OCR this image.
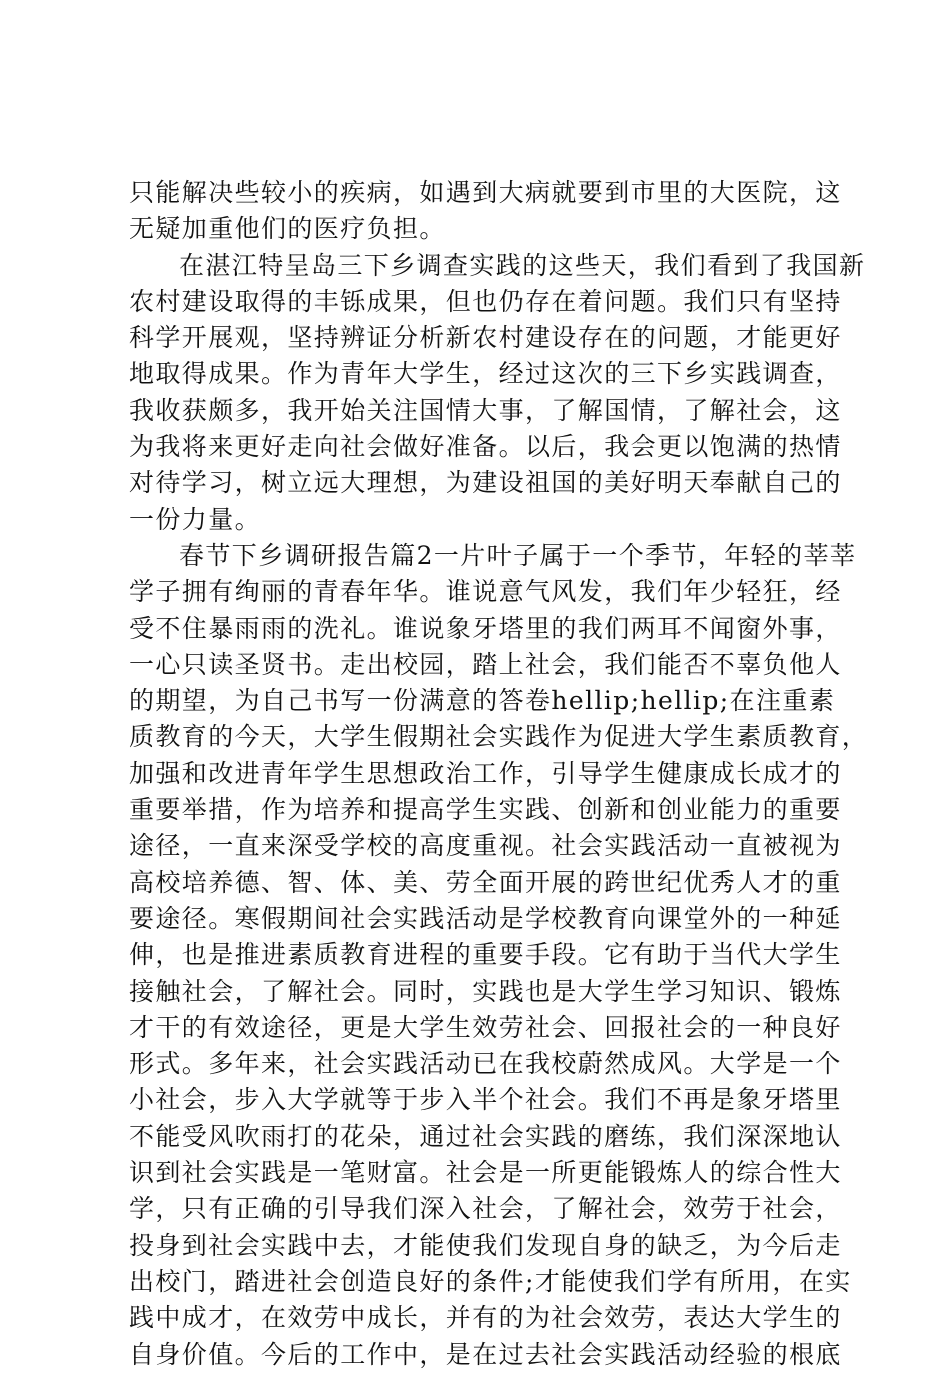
只能解决些较小的疾病，如遇到大病就要到市里的大医院，这
无疑加重他们的医疗负担。
在湛江特呈岛三下乡调查实践的这些天，我们看到了我国新
农村建设取得的丰铄成果，但也仍存在着问题。我们只有坚持
科学开展观，坚持辨证分析新农村建设存在的问题，才能更好
地取得成果。作为青年大学生，经过这次的三下乡实践调查，
我收获颇多，我开始关注国情大事，了解国情，了解社会，这
为我将来更好走向社会做好准备。以后，我会更以饱满的热情
对待学习，树立远大理想，为建设祖国的美好明天奉献自己的
一份力量。
春节下乡调研报告篇2一片叶子属于一个季节，年轻的莘莘
学子拥有绚丽的青春年华。谁说意气风发，我们年少轻狂，经
受不住暴雨雨的洗礼。谁说象牙塔里的我们两耳不闻窗外事，
一心只读圣贤书。走出校园，踏上社会，我们能否不辜负他人
的期望，为自己书写一份满意的答卷hellip;hellip;在注重素
质教育的今天，大学生假期社会实践作为促进大学生素质教育，
加强和改进青年学生思想政治工作，引导学生健康成长成才的
重要举措，作为培养和提高学生实践、创新和创业能力的重要
途径，一直来深受学校的高度重视。社会实践活动一直被视为
高校培养德、智、体、美、劳全面开展的跨世纪优秀人才的重
要途径。寒假期间社会实践活动是学校教育向课堂外的一种延
伸，也是推进素质教育进程的重要手段。它有助于当代大学生
接触社会，了解社会。同时，实践也是大学生学习知识、锻炼
才干的有效途径，更是大学生效劳社会、回报社会的一种良好
形式。多年来，社会实践活动已在我校蔚然成风。大学是一个
小社会，步入大学就等于步入半个社会。我们不再是象牙塔里
不能受风吹雨打的花朵，通过社会实践的磨练，我们深深地认
识到社会实践是一笔财富。社会是一所更能锻炼人的综合性大
学，只有正确的引导我们深入社会，了解社会，效劳于社会，
投身到社会实践中去，才能使我们发现自身的缺乏，为今后走
出校门，踏进社会创造良好的条件;才能使我们学有所用，在实
践中成才，在效劳中成长，并有的为社会效劳，表达大学生的
自身价值。今后的工作中，是在过去社会实践活动经验的根底
